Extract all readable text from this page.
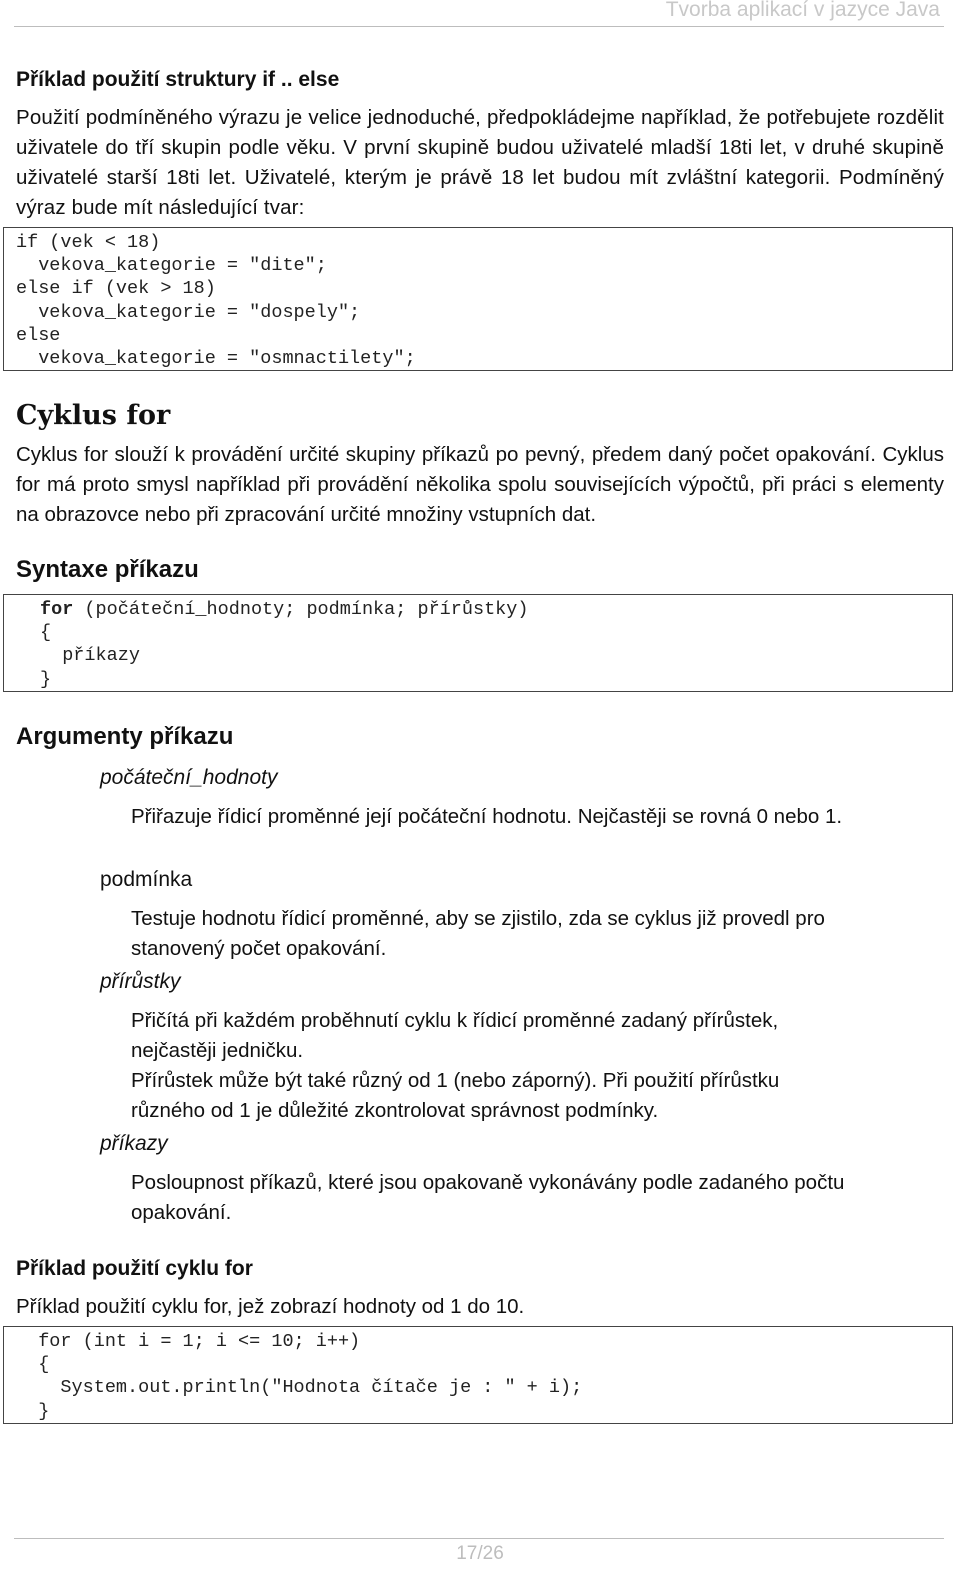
Tvorba aplikací v jazyce Java
Příklad použití struktury if .. else
Použití podmíněného výrazu je velice jednoduché, předpokládejme například, že potřebujete rozdělit uživatele do tří skupin podle věku. V první skupině budou uživatelé mladší 18ti let, v druhé skupině uživatelé starší 18ti let. Uživatelé, kterým je právě 18 let budou mít zvláštní kategorii. Podmíněný výraz bude mít následující tvar:
if (vek < 18)
vekova_kategorie = "dite";
else if (vek > 18)
vekova_kategorie = "dospely";
else
vekova_kategorie = "osmnactilety";
Cyklus for
Cyklus for slouží k provádění určité skupiny příkazů po pevný, předem daný počet opakování. Cyklus for má proto smysl například při provádění několika spolu souvisejících výpočtů, při práci s elementy na obrazovce nebo při zpracování určité množiny vstupních dat.
Syntaxe příkazu
for (počáteční_hodnoty; podmínka; přírůstky)
{
příkazy
}
Argumenty příkazu
počáteční_hodnoty
Přiřazuje řídicí proměnné její počáteční hodnotu. Nejčastěji se rovná 0 nebo 1.
podmínka
Testuje hodnotu řídicí proměnné, aby se zjistilo, zda se cyklus již provedl pro stanovený počet opakování.
přírůstky
Přičítá při každém proběhnutí cyklu k řídicí proměnné zadaný přírůstek, nejčastěji jedničku.
Přírůstek může být také různý od 1 (nebo záporný). Při použití přírůstku různého od 1 je důležité zkontrolovat správnost podmínky.
příkazy
Posloupnost příkazů, které jsou opakovaně vykonávány podle zadaného počtu opakování.
Příklad použití cyklu for
Příklad použití cyklu for, jež zobrazí hodnoty od 1 do 10.
for (int i = 1; i <= 10; i++)
{
System.out.println("Hodnota čítače je : " + i);
}
17/26
